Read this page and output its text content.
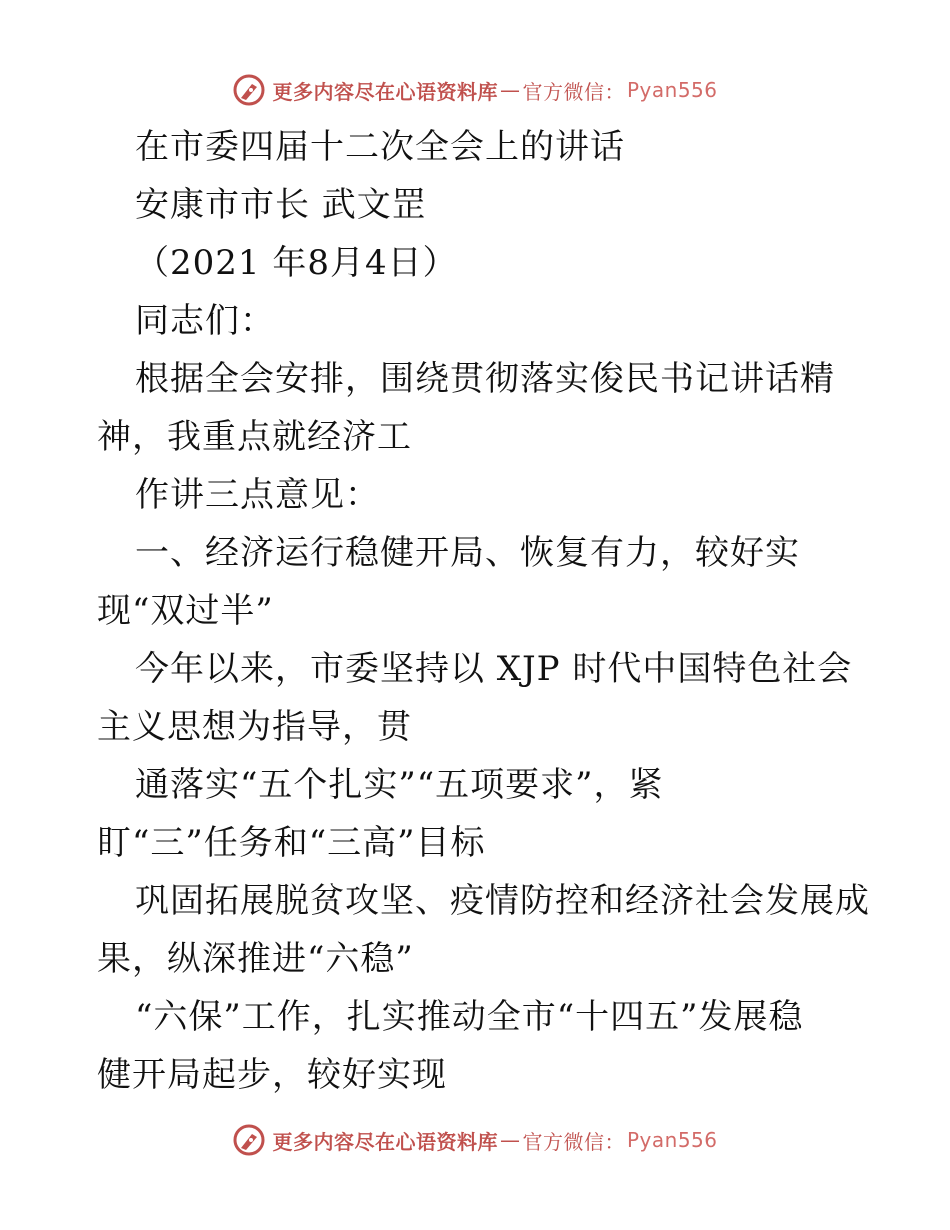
更多内容尽在心语资料库 — 官方微信： Pyan556
在市委四届十二次全会上的讲话
安康市市长 武文罡
（2021 年8月4日）
同志们：
根据全会安排，围绕贯彻落实俊民书记讲话精
神，我重点就经济工
作讲三点意见：
一、经济运行稳健开局、恢复有力，较好实
现“双过半”
今年以来，市委坚持以 XJP 时代中国特色社会
主义思想为指导，贯
通落实“五个扎实”“五项要求”，紧
盯“三”任务和“三高”目标
巩固拓展脱贫攻坚、疫情防控和经济社会发展成
果，纵深推进“六稳”
“六保”工作，扎实推动全市“十四五”发展稳
健开局起步，较好实现
更多内容尽在心语资料库 — 官方微信： Pyan556
